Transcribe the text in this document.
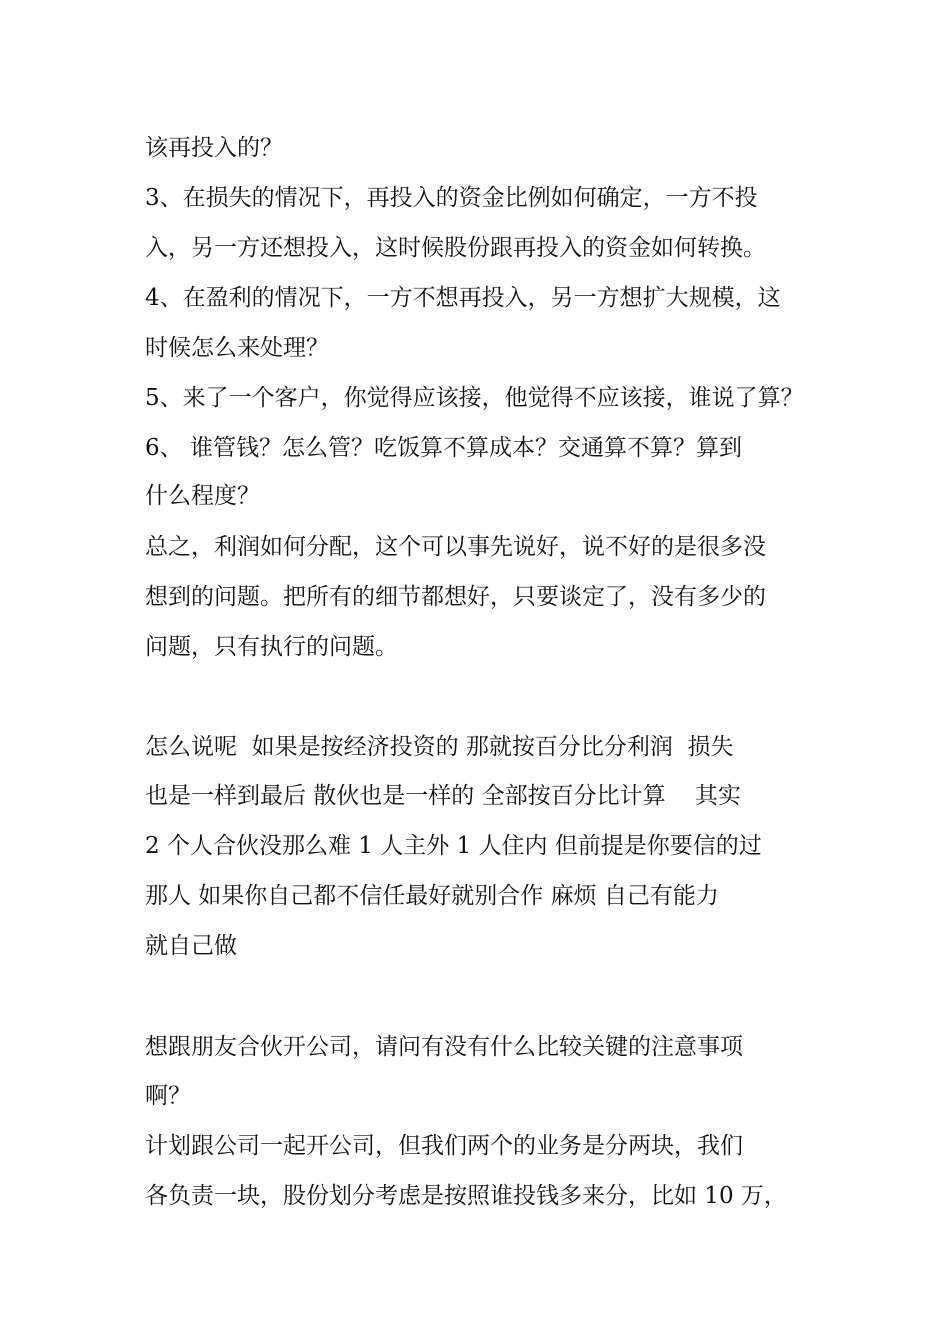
该再投入的？
3、在损失的情况下，再投入的资金比例如何确定，一方不投
入，另一方还想投入，这时候股份跟再投入的资金如何转换。
4、在盈利的情况下，一方不想再投入，另一方想扩大规模，这
时候怎么来处理？
5、来了一个客户，你觉得应该接，他觉得不应该接，谁说了算？
6、 谁管钱？怎么管？吃饭算不算成本？交通算不算？算到
什么程度？
总之，利润如何分配，这个可以事先说好，说不好的是很多没
想到的问题。把所有的细节都想好，只要谈定了，没有多少的
问题，只有执行的问题。
怎么说呢  如果是按经济投资的 那就按百分比分利润  损失
也是一样到最后 散伙也是一样的 全部按百分比计算    其实
2 个人合伙没那么难 1 人主外 1 人住内 但前提是你要信的过
那人 如果你自己都不信任最好就别合作 麻烦 自己有能力
就自己做
想跟朋友合伙开公司，请问有没有什么比较关键的注意事项
啊？
计划跟公司一起开公司，但我们两个的业务是分两块，我们
各负责一块，股份划分考虑是按照谁投钱多来分，比如 10 万，
